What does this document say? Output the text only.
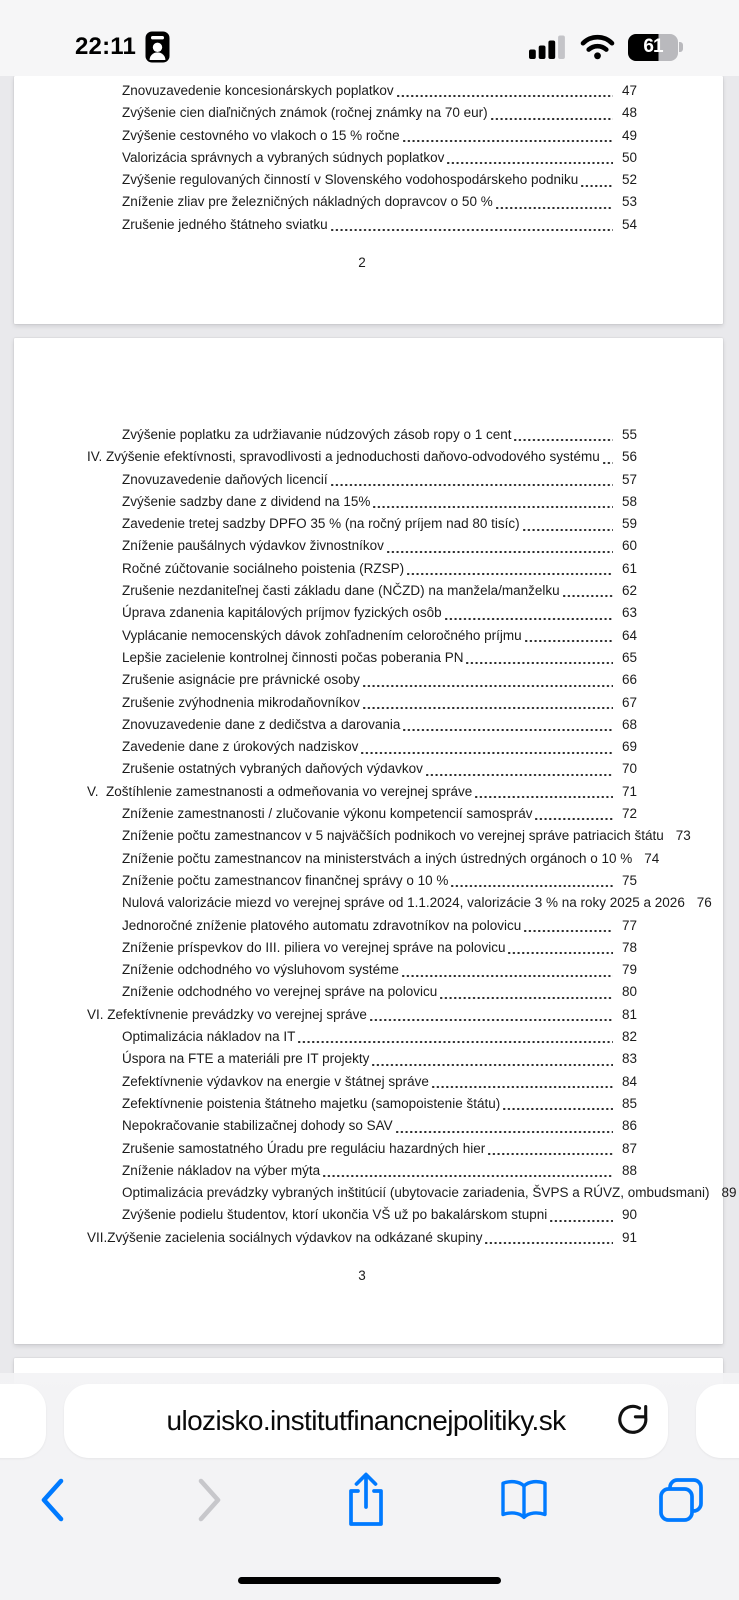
Znovuzavedenie koncesionárskych poplatkov	47
Zvýšenie cien diaľničných známok (ročnej známky na 70 eur)	48
Zvýšenie cestovného vo vlakoch o 15 % ročne	49
Valorizácia správnych a vybraných súdnych poplatkov	50
Zvýšenie regulovaných činností v Slovenského vodohospodárskeho podniku	52
Zníženie zliav pre železničných nákladných dopravcov o 50 %	53
Zrušenie jedného štátneho sviatku	54
2
Zvýšenie poplatku za udržiavanie núdzových zásob ropy o 1 cent	55
IV. Zvýšenie efektívnosti, spravodlivosti a jednoduchosti daňovo-odvodového systému	56
Znovuzavedenie daňových licencií	57
Zvýšenie sadzby dane z dividend na 15%	58
Zavedenie tretej sadzby DPFO 35 % (na ročný príjem nad 80 tisíc)	59
Zníženie paušálnych výdavkov živnostníkov	60
Ročné zúčtovanie sociálneho poistenia (RZSP)	61
Zrušenie nezdaniteľnej časti základu dane (NČZD) na manžela/manželku	62
Úprava zdanenia kapitálových príjmov fyzických osôb	63
Vyplácanie nemocenských dávok zohľadnením celoročného príjmu	64
Lepšie zacielenie kontrolnej činnosti počas poberania PN	65
Zrušenie asignácie pre právnické osoby	66
Zrušenie zvýhodnenia mikrodaňovníkov	67
Znovuzavedenie dane z dedičstva a darovania	68
Zavedenie dane z úrokových nadziskov	69
Zrušenie ostatných vybraných daňových výdavkov	70
V.  Zoštíhlenie zamestnanosti a odmeňovania vo verejnej správe	71
Zníženie zamestnanosti / zlučovanie výkonu kompetencií samospráv	72
Zníženie počtu zamestnancov v 5 najväčších podnikoch vo verejnej správe patriacich štátu 73
Zníženie počtu zamestnancov na ministerstvách a iných ústredných orgánoch o 10 % 74
Zníženie počtu zamestnancov finančnej správy o 10 %	75
Nulová valorizácie miezd vo verejnej správe od 1.1.2024, valorizácie 3 % na roky 2025 a 2026 76
Jednoročné zníženie platového automatu zdravotníkov na polovicu	77
Zníženie príspevkov do III. piliera vo verejnej správe na polovicu	78
Zníženie odchodného vo výsluhovom systéme	79
Zníženie odchodného vo verejnej správe na polovicu	80
VI. Zefektívnenie prevádzky vo verejnej správe	81
Optimalizácia nákladov na IT	82
Úspora na FTE a materiáli pre IT projekty	83
Zefektívnenie výdavkov na energie v štátnej správe	84
Zefektívnenie poistenia štátneho majetku (samopoistenie štátu)	85
Nepokračovanie stabilizačnej dohody so SAV	86
Zrušenie samostatného Úradu pre reguláciu hazardných hier	87
Zníženie nákladov na výber mýta	88
Optimalizácia prevádzky vybraných inštitúcií (ubytovacie zariadenia, ŠVPS a RÚVZ, ombudsmani) 89
Zvýšenie podielu študentov, ktorí ukončia VŠ už po bakalárskom stupni	90
VII.Zvýšenie zacielenia sociálnych výdavkov na odkázané skupiny	91
3
22:11	61
ulozisko.institutfinancnejpolitiky.sk
